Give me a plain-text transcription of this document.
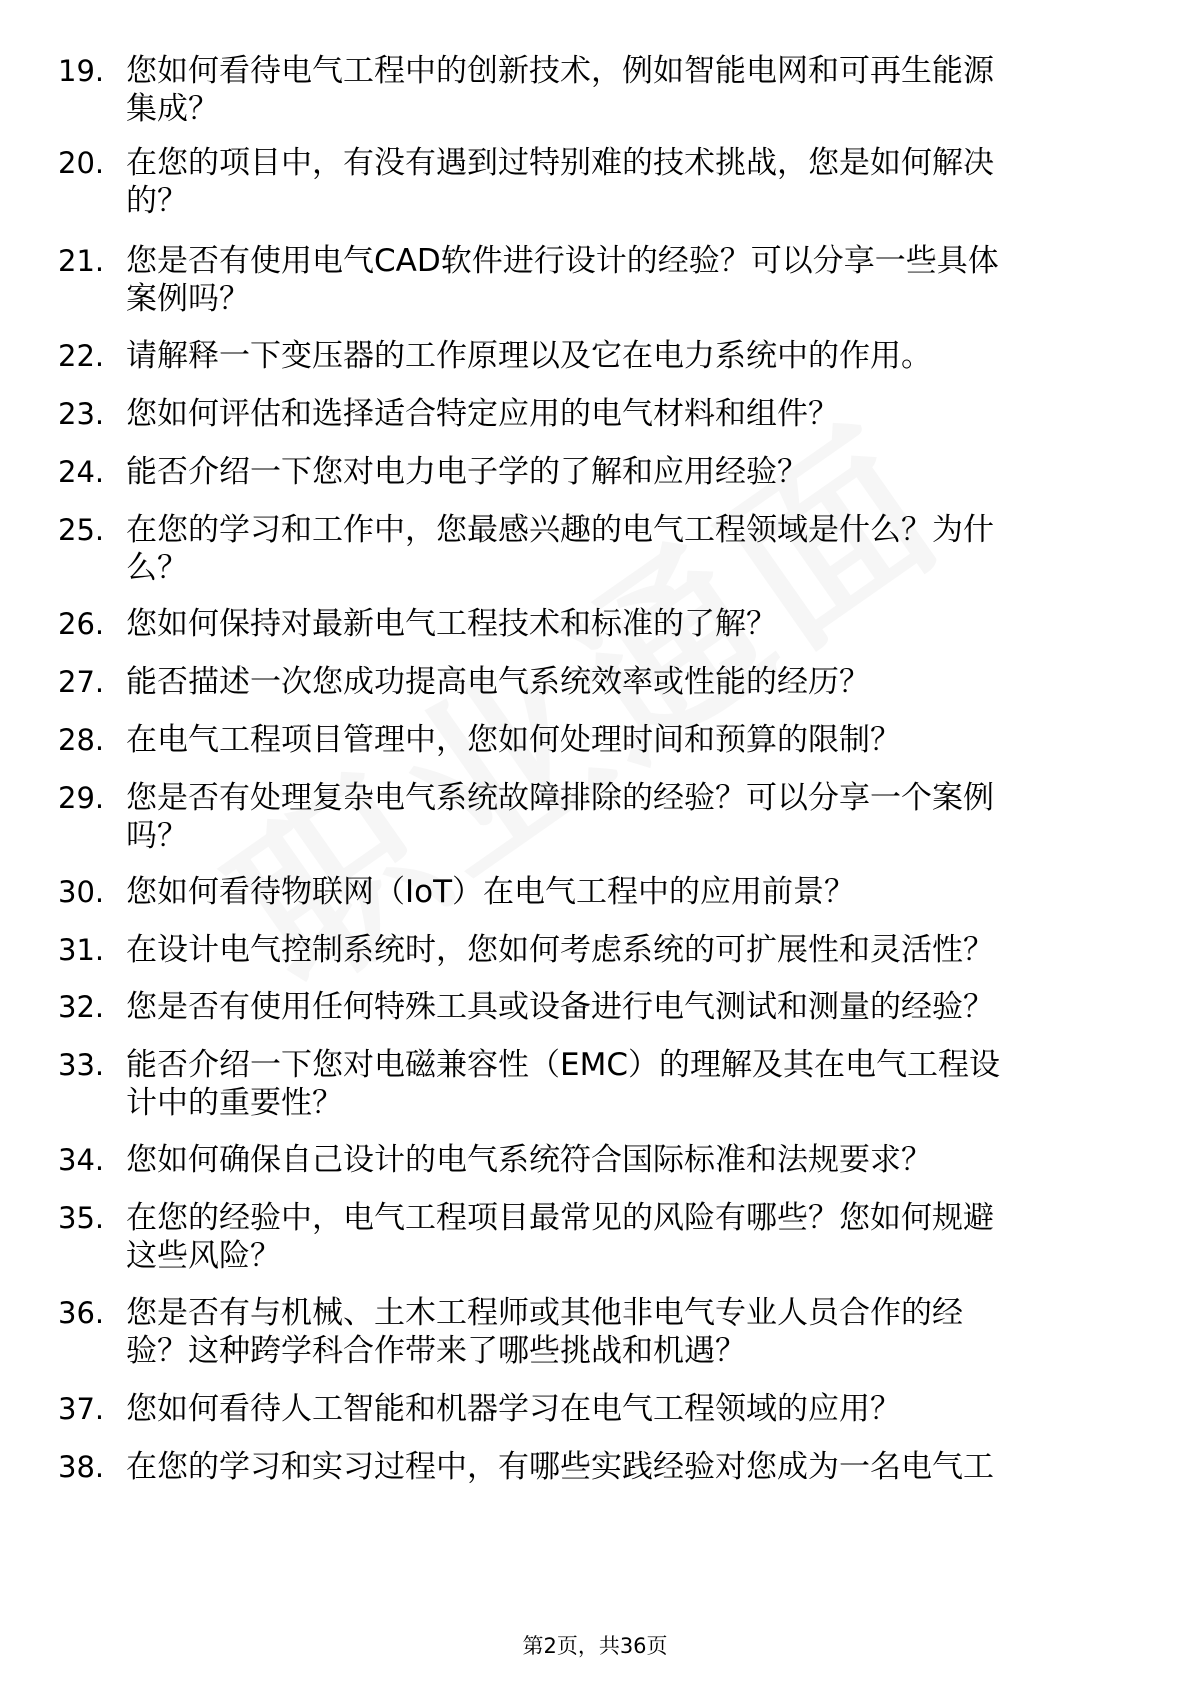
19. 您如何看待电气工程中的创新技术，例如智能电网和可再生能源
集成？
20. 在您的项目中，有没有遇到过特别难的技术挑战，您是如何解决
的？
21. 您是否有使用电气CAD软件进行设计的经验？可以分享一些具体
案例吗？
22. 请解释一下变压器的工作原理以及它在电力系统中的作用。
23. 您如何评估和选择适合特定应用的电气材料和组件？
24. 能否介绍一下您对电力电子学的了解和应用经验？
25. 在您的学习和工作中，您最感兴趣的电气工程领域是什么？为什
么？
26. 您如何保持对最新电气工程技术和标准的了解？
27. 能否描述一次您成功提高电气系统效率或性能的经历？
28. 在电气工程项目管理中，您如何处理时间和预算的限制？
29. 您是否有处理复杂电气系统故障排除的经验？可以分享一个案例
吗？
30. 您如何看待物联网（IoT）在电气工程中的应用前景？
31. 在设计电气控制系统时，您如何考虑系统的可扩展性和灵活性？
32. 您是否有使用任何特殊工具或设备进行电气测试和测量的经验？
33. 能否介绍一下您对电磁兼容性（EMC）的理解及其在电气工程设
计中的重要性？
34. 您如何确保自己设计的电气系统符合国际标准和法规要求？
35. 在您的经验中，电气工程项目最常见的风险有哪些？您如何规避
这些风险？
36. 您是否有与机械、土木工程师或其他非电气专业人员合作的经
验？这种跨学科合作带来了哪些挑战和机遇？
37. 您如何看待人工智能和机器学习在电气工程领域的应用？
38. 在您的学习和实习过程中，有哪些实践经验对您成为一名电气工
第2页，共36页
